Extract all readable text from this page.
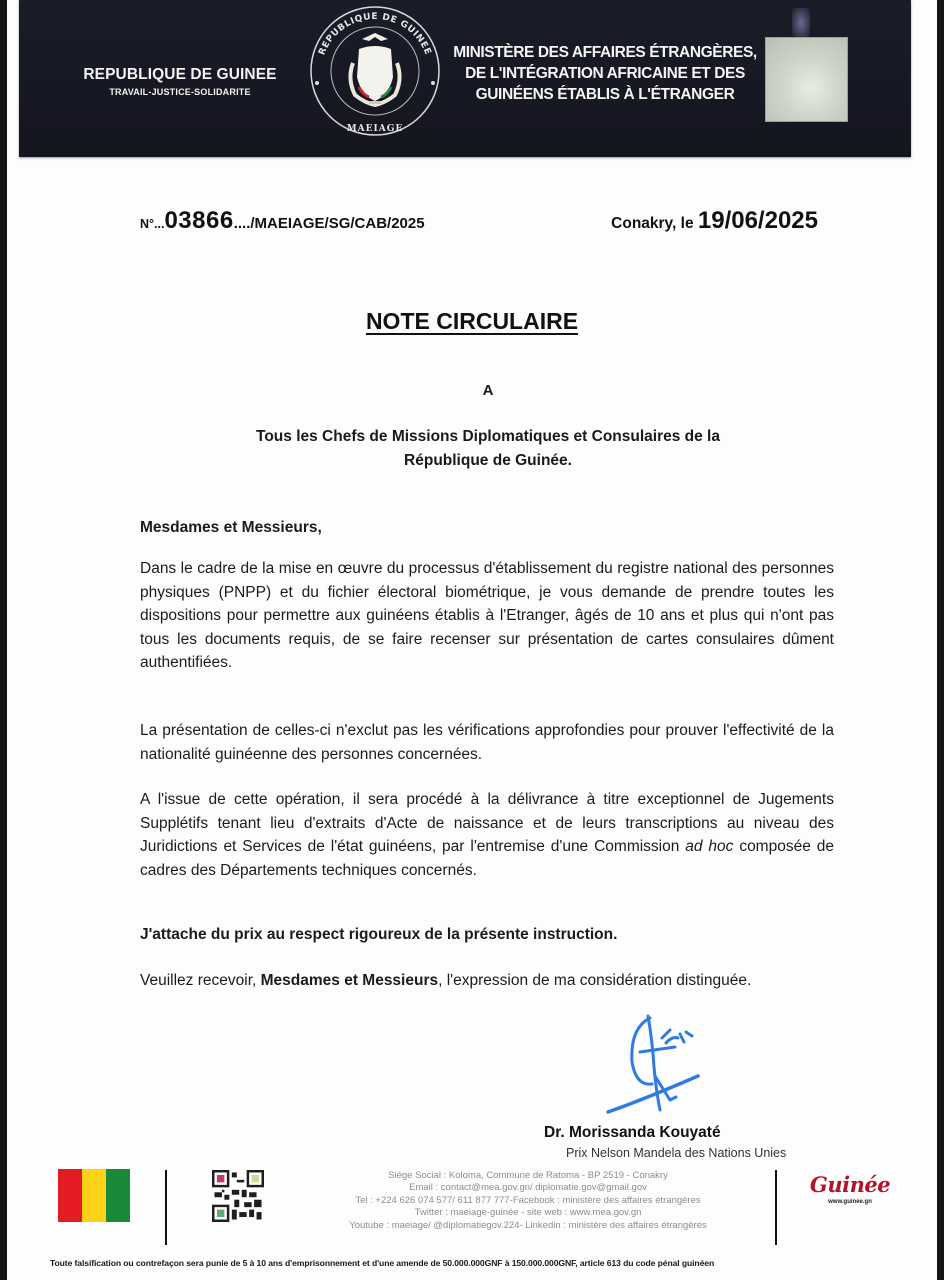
REPUBLIQUE DE GUINEE
TRAVAIL-JUSTICE-SOLIDARITE
REPUBLIQUE DE GUINEE
MAEIAGE
MINISTÈRE DES AFFAIRES ÉTRANGÈRES,
DE L'INTÉGRATION AFRICAINE ET DES
GUINÉENS ÉTABLIS À L'ÉTRANGER
N°...03866..../MAEIAGE/SG/CAB/2025	Conakry, le 19/06/2025
NOTE CIRCULAIRE
A
Tous les Chefs de Missions Diplomatiques et Consulaires de la République de Guinée.
Mesdames et Messieurs,
Dans le cadre de la mise en œuvre du processus d'établissement du registre national des personnes physiques (PNPP) et du fichier électoral biométrique, je vous demande de prendre toutes les dispositions pour permettre aux guinéens établis à l'Etranger, âgés de 10 ans et plus qui n'ont pas tous les documents requis, de se faire recenser sur présentation de cartes consulaires dûment authentifiées.
La présentation de celles-ci n'exclut pas les vérifications approfondies pour prouver l'effectivité de la nationalité guinéenne des personnes concernées.
A l'issue de cette opération, il sera procédé à la délivrance à titre exceptionnel de Jugements Supplétifs tenant lieu d'extraits d'Acte de naissance et de leurs transcriptions au niveau des Juridictions et Services de l'état guinéens, par l'entremise d'une Commission ad hoc composée de cadres des Départements techniques concernés.
J'attache du prix au respect rigoureux de la présente instruction.
Veuillez recevoir, Mesdames et Messieurs, l'expression de ma considération distinguée.
Dr. Morissanda Kouyaté
Prix Nelson Mandela des Nations Unies
Siège Social : Koloma, Commune de Ratoma - BP 2519 - Conakry
Email : contact@mea.gov.gn/ diplomatie.gov@gmail.gov
Tel : +224 626 074 577/ 611 877 777-Facebook : ministère des affaires étrangères
Twitter : maeiage-guinée - site web : www.mea.gov.gn
Youtube : maeiage/ @diplomatiegov.224- Linkedin : ministère des affaires étrangères
Guinée
www.guinee.gn
Toute falsification ou contrefaçon sera punie de 5 à 10 ans d'emprisonnement et d'une amende de 50.000.000GNF à 150.000.000GNF, article 613 du code pénal guinéen
